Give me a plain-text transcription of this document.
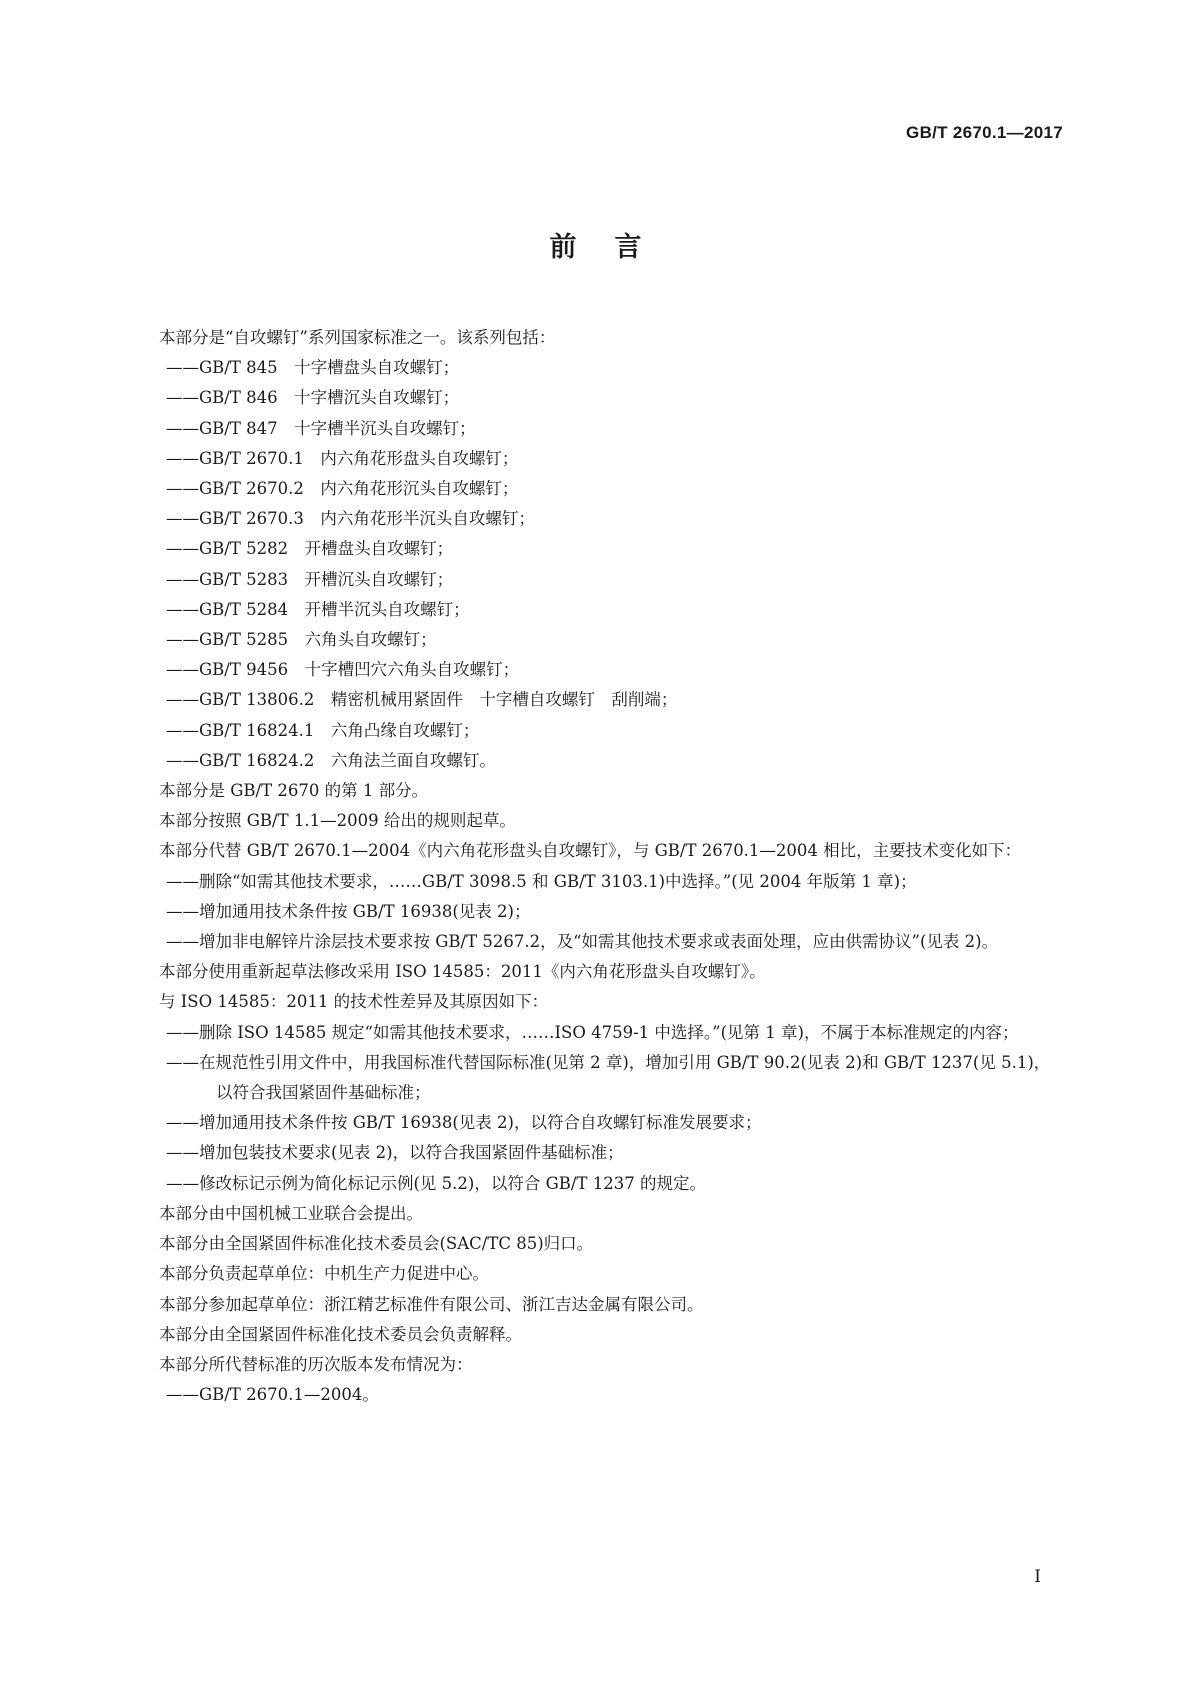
GB/T 2670.1—2017
前言

本部分是“自攻螺钉”系列国家标准之一。该系列包括：

——GB/T 845　十字槽盘头自攻螺钉；

——GB/T 846　十字槽沉头自攻螺钉；

——GB/T 847　十字槽半沉头自攻螺钉；

——GB/T 2670.1　内六角花形盘头自攻螺钉；

——GB/T 2670.2　内六角花形沉头自攻螺钉；

——GB/T 2670.3　内六角花形半沉头自攻螺钉；

——GB/T 5282　开槽盘头自攻螺钉；

——GB/T 5283　开槽沉头自攻螺钉；

——GB/T 5284　开槽半沉头自攻螺钉；

——GB/T 5285　六角头自攻螺钉；

——GB/T 9456　十字槽凹穴六角头自攻螺钉；

——GB/T 13806.2　精密机械用紧固件　十字槽自攻螺钉　刮削端；

——GB/T 16824.1　六角凸缘自攻螺钉；

——GB/T 16824.2　六角法兰面自攻螺钉。

本部分是 GB/T 2670 的第 1 部分。

本部分按照 GB/T 1.1—2009 给出的规则起草。

本部分代替 GB/T 2670.1—2004《内六角花形盘头自攻螺钉》，与 GB/T 2670.1—2004 相比，主要技术变化如下：

——删除“如需其他技术要求，……GB/T 3098.5 和 GB/T 3103.1)中选择。”(见 2004 年版第 1 章)；

——增加通用技术条件按 GB/T 16938(见表 2)；

——增加非电解锌片涂层技术要求按 GB/T 5267.2，及“如需其他技术要求或表面处理，应由供需协议”(见表 2)。

本部分使用重新起草法修改采用 ISO 14585：2011《内六角花形盘头自攻螺钉》。

与 ISO 14585：2011 的技术性差异及其原因如下：

——删除 ISO 14585 规定“如需其他技术要求，……ISO 4759-1 中选择。”(见第 1 章)，不属于本标准规定的内容；

——在规范性引用文件中，用我国标准代替国际标准(见第 2 章)，增加引用 GB/T 90.2(见表 2)和 GB/T 1237(见 5.1)，以符合我国紧固件基础标准；

——增加通用技术条件按 GB/T 16938(见表 2)，以符合自攻螺钉标准发展要求；

——增加包装技术要求(见表 2)，以符合我国紧固件基础标准；

——修改标记示例为简化标记示例(见 5.2)，以符合 GB/T 1237 的规定。

本部分由中国机械工业联合会提出。

本部分由全国紧固件标准化技术委员会(SAC/TC 85)归口。

本部分负责起草单位：中机生产力促进中心。

本部分参加起草单位：浙江精艺标准件有限公司、浙江吉达金属有限公司。

本部分由全国紧固件标准化技术委员会负责解释。

本部分所代替标准的历次版本发布情况为：

——GB/T 2670.1—2004。

I
